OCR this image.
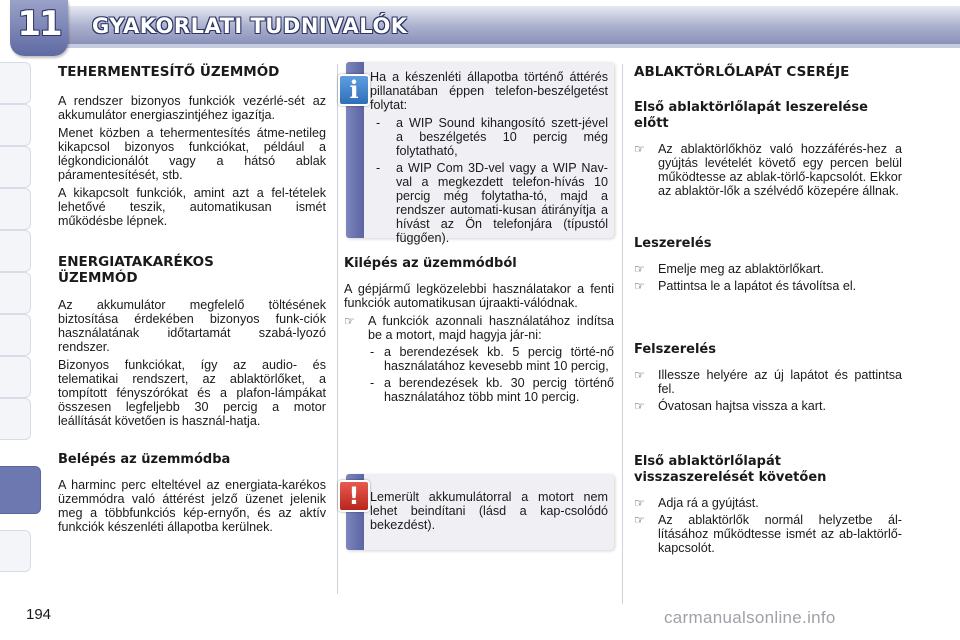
11	GYAKORLATI TUDNIVALÓK
TEHERMENTESÍTŐ ÜZEMMÓD

A rendszer bizonyos funkciók vezérlé-sét az akkumulátor energiaszintjéhez igazítja.

Menet közben a tehermentesítés átme-netileg kikapcsol bizonyos funkciókat, például a légkondicionálót vagy a hátsó ablak páramentesítését, stb.

A kikapcsolt funkciók, amint azt a fel-tételek lehetővé teszik, automatikusan ismét működésbe lépnek.

ENERGIATAKARÉKOS
ÜZEMMÓD

Az akkumulátor megfelelő töltésének biztosítása érdekében bizonyos funk-ciók használatának időtartamát szabá-lyozó rendszer.

Bizonyos funkciókat, így az audio- és telematikai rendszert, az ablaktörlőket, a tompított fényszórókat és a plafon-lámpákat összesen legfeljebb 30 percig a motor leállítását követően is használ-hatja.

Belépés az üzemmódba

A harminc perc elteltével az energiata-karékos üzemmódra való áttérést jelző üzenet jelenik meg a többfunkciós kép-ernyőn, és az aktív funkciók készenléti állapotba kerülnek.

i Ha a készenléti állapotba történő áttérés pillanatában éppen telefon-beszélgetést folytat:

- a WIP Sound kihangosító szett-jével a beszélgetés 10 percig még folytatható,
- a WIP Com 3D-vel vagy a WIP Nav-val a megkezdett telefon-hívás 10 percig még folytatha-tó, majd a rendszer automati-kusan átirányítja a hívást az Ön telefonjára (típustól függően).
Kilépés az üzemmódból

A gépjármű legközelebbi használatakor a fenti funkciók automatikusan újraakti-válódnak.

☞ A funkciók azonnali használatához indítsa be a motort, majd hagyja jár-ni:
- a berendezések kb. 5 percig törté-nő használatához kevesebb mint 10 percig,
- a berendezések kb. 30 percig történő használatához több mint 10 percig.
! Lemerült akkumulátorral a motort nem lehet beindítani (lásd a kap-csolódó bekezdést).

ABLAKTÖRLŐLAPÁT CSERÉJE
Első ablaktörlőlapát leszerelése
előtt
☞ Az ablaktörlőkhöz való hozzáférés-hez a gyújtás levételét követő egy percen belül működtesse az ablak-törlő-kapcsolót. Ekkor az ablaktör-lők a szélvédő közepére állnak.
Leszerelés
☞ Emelje meg az ablaktörlőkart.
☞ Pattintsa le a lapátot és távolítsa el.
Felszerelés
☞ Illessze helyére az új lapátot és pattintsa fel.
☞ Óvatosan hajtsa vissza a kart.
Első ablaktörlőlapát
visszaszerelését követően
☞ Adja rá a gyújtást.
☞ Az ablaktörlők normál helyzetbe ál-lításához működtesse ismét az ab-laktörlő-kapcsolót.
194	carmanualsonline.info
